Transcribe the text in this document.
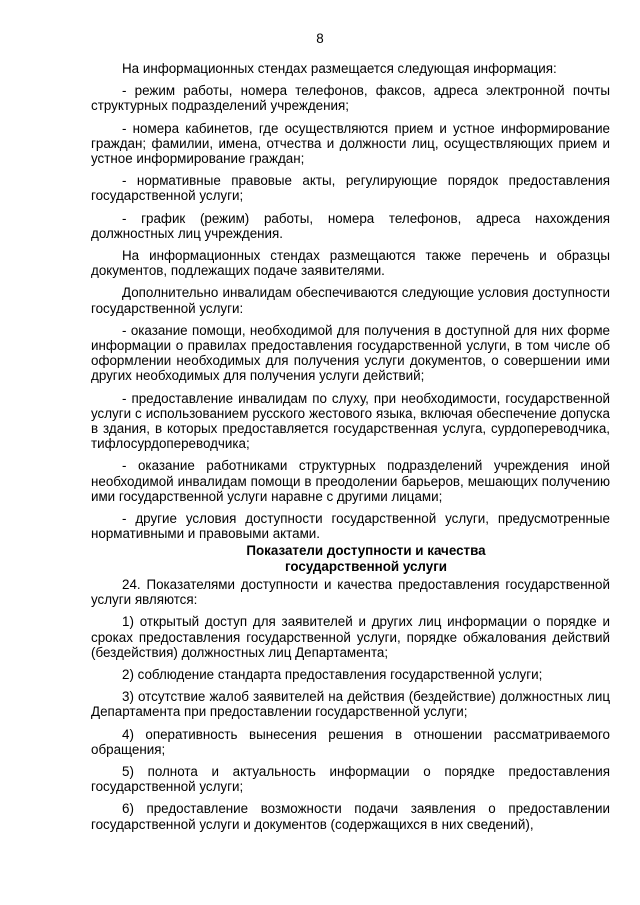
8

На информационных стендах размещается следующая информация:

- режим работы, номера телефонов, факсов, адреса электронной почты структурных подразделений учреждения;

- номера кабинетов, где осуществляются прием и устное информирование граждан; фамилии, имена, отчества и должности лиц, осуществляющих прием и устное информирование граждан;

- нормативные правовые акты, регулирующие порядок предоставления государственной услуги;

- график (режим) работы, номера телефонов, адреса нахождения должностных лиц учреждения.

На информационных стендах размещаются также перечень и образцы документов, подлежащих подаче заявителями.

Дополнительно инвалидам обеспечиваются следующие условия доступности государственной услуги:

- оказание помощи, необходимой для получения в доступной для них форме информации о правилах предоставления государственной услуги, в том числе об оформлении необходимых для получения услуги документов, о совершении ими других необходимых для получения услуги действий;

- предоставление инвалидам по слуху, при необходимости, государственной услуги с использованием русского жестового языка, включая обеспечение допуска в здания, в которых предоставляется государственная услуга, сурдопереводчика, тифлосурдопереводчика;

- оказание работниками структурных подразделений учреждения иной необходимой инвалидам помощи в преодолении барьеров, мешающих получению ими государственной услуги наравне с другими лицами;

- другие условия доступности государственной услуги, предусмотренные нормативными и правовыми актами.

Показатели доступности и качества
государственной услуги

24. Показателями доступности и качества предоставления государственной услуги являются:

1) открытый доступ для заявителей и других лиц информации о порядке и сроках предоставления государственной услуги, порядке обжалования действий (бездействия) должностных лиц Департамента;

2) соблюдение стандарта предоставления государственной услуги;

3) отсутствие жалоб заявителей на действия (бездействие) должностных лиц Департамента при предоставлении государственной услуги;

4) оперативность вынесения решения в отношении рассматриваемого обращения;

5) полнота и актуальность информации о порядке предоставления государственной услуги;

6) предоставление возможности подачи заявления о предоставлении государственной услуги и документов (содержащихся в них сведений),
